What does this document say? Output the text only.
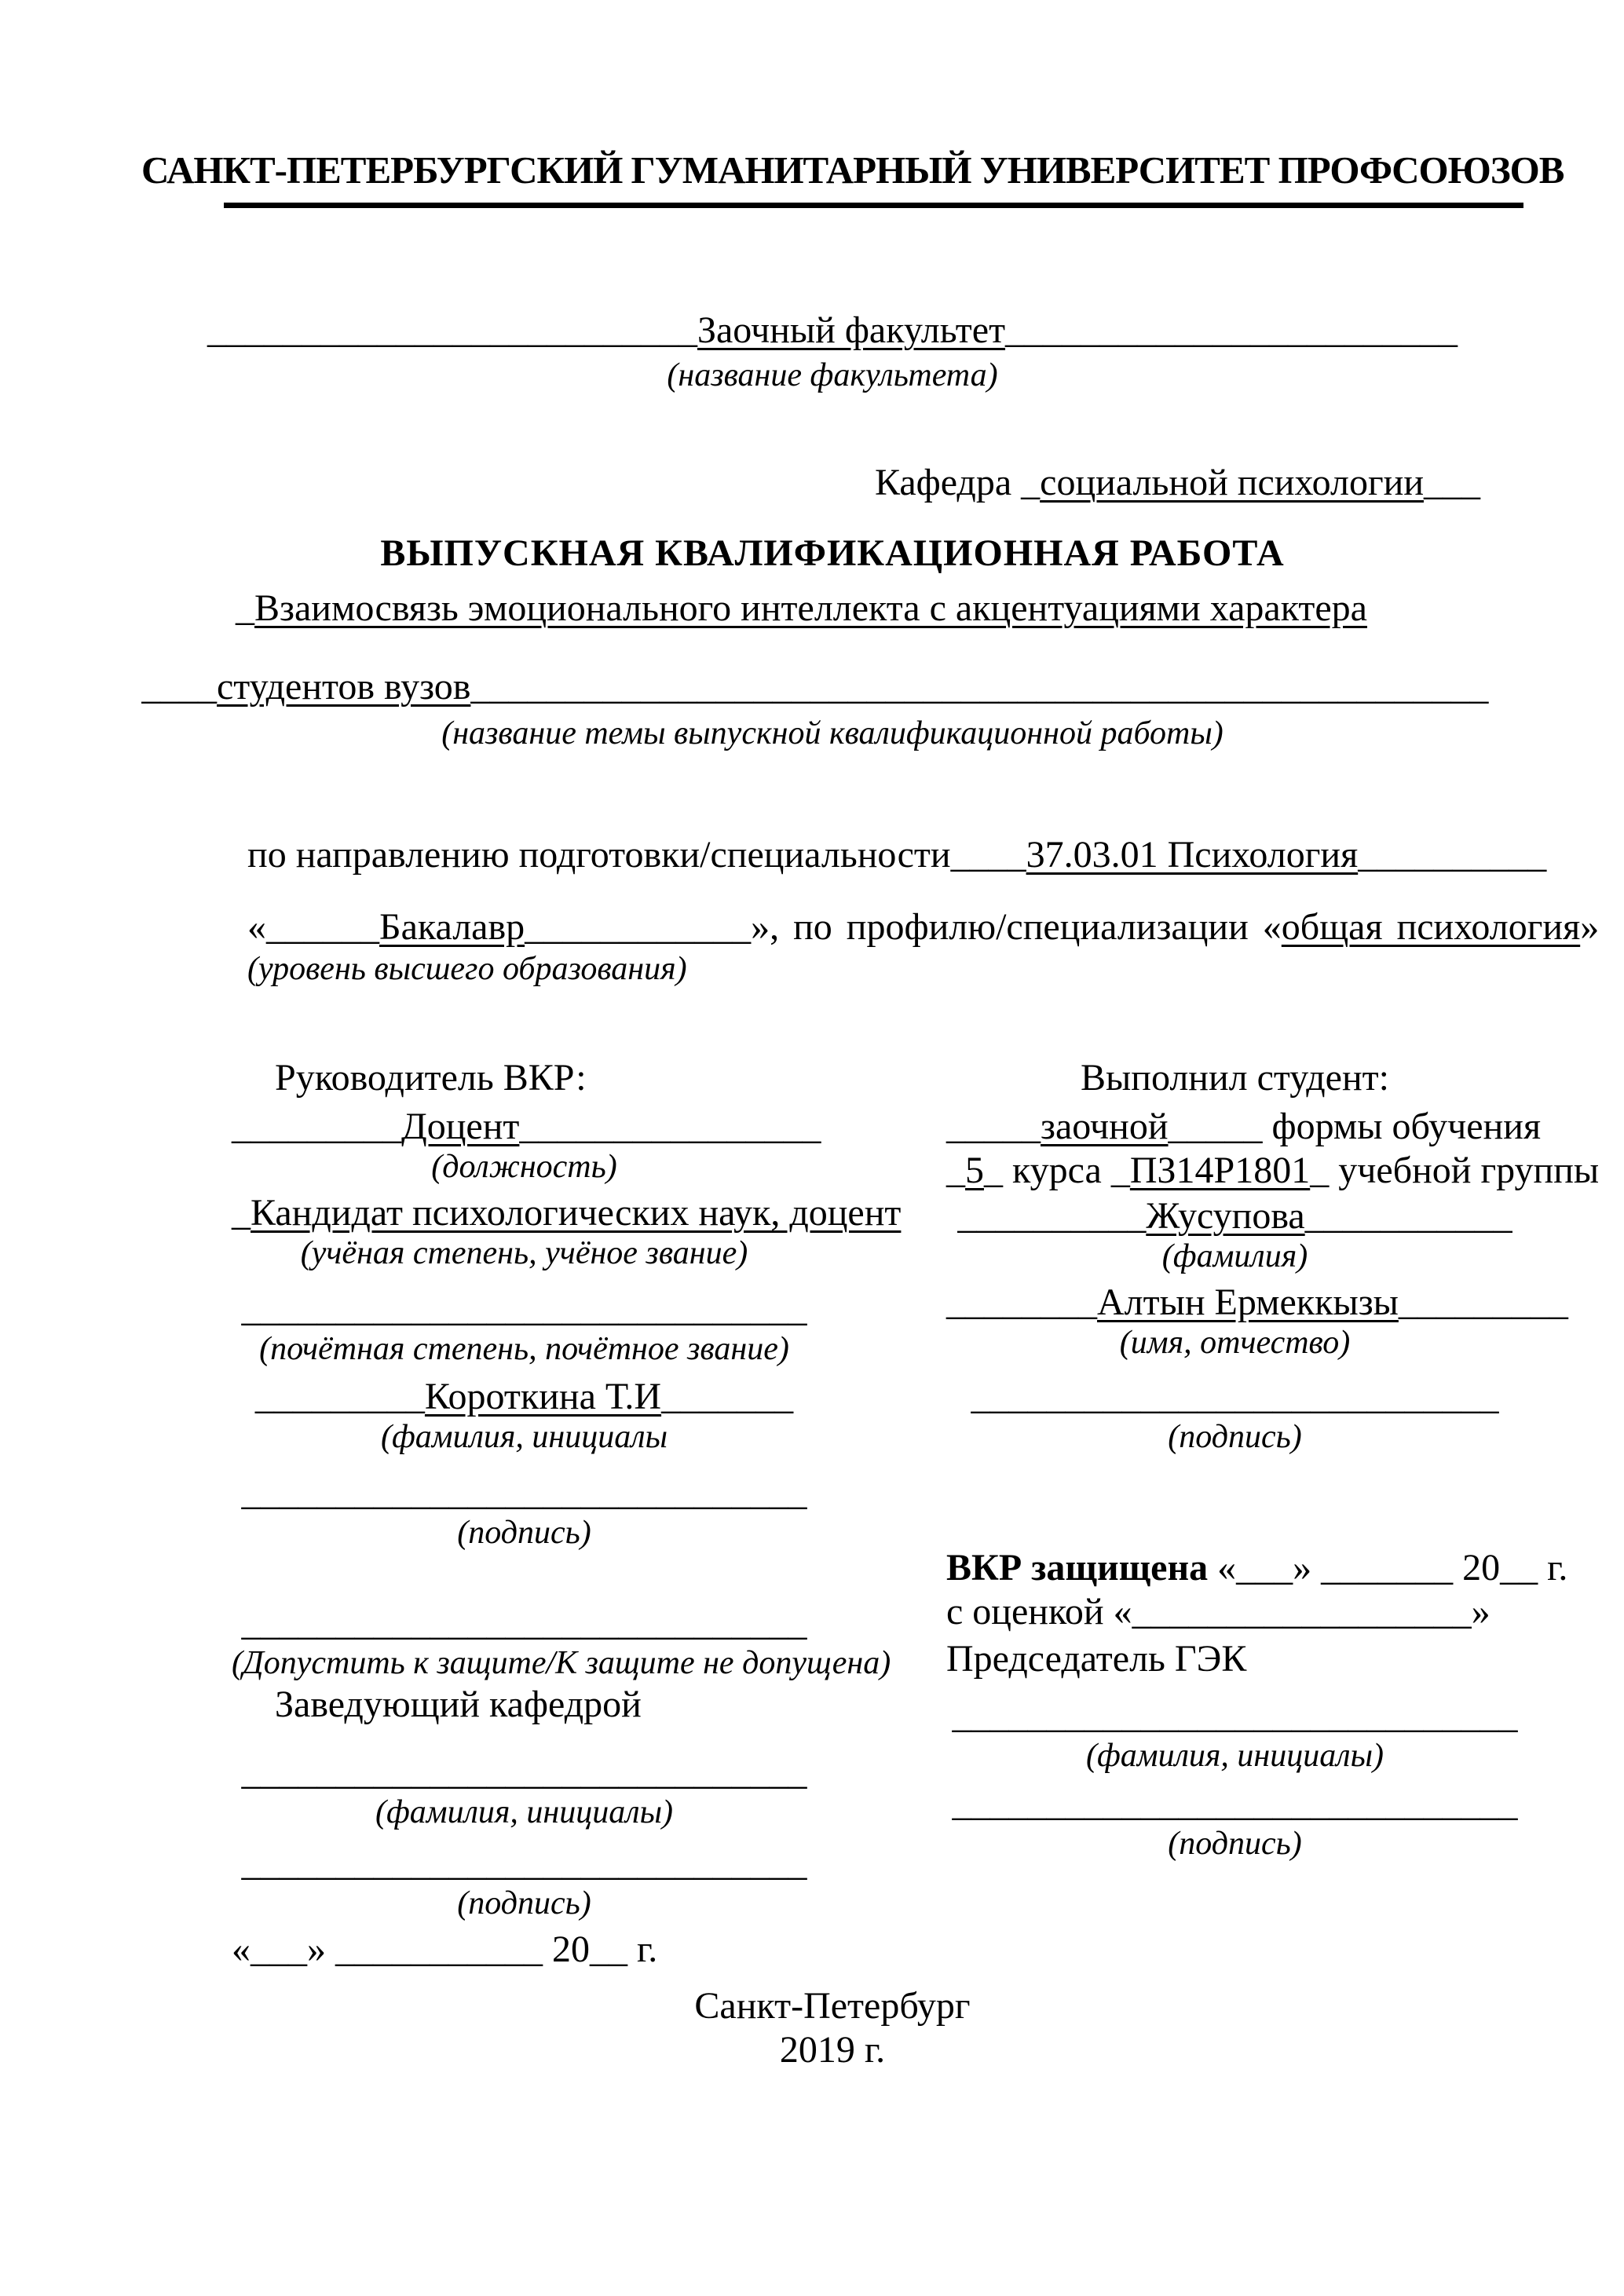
САНКТ-ПЕТЕРБУРГСКИЙ ГУМАНИТАРНЫЙ УНИВЕРСИТЕТ ПРОФСОЮЗОВ
__________________________Заочный факультет________________________
(название факультета)
Кафедра _социальной психологии___
ВЫПУСКНАЯ КВАЛИФИКАЦИОННАЯ РАБОТА
_Взаимосвязь эмоционального интеллекта с акцентуациями характера
____студентов вузов______________________________________________________
(название темы выпускной квалификационной работы)
по направлению подготовки/специальности____37.03.01 Психология__________
«______Бакалавр____________», по профилю/специализации «общая психология»
(уровень высшего образования)
Руководитель ВКР:
_________Доцент________________
(должность)
_Кандидат психологических наук, доцент
(учёная степень, учёное звание)
______________________________
(почётная степень, почётное звание)
_________Короткина Т.И_______
(фамилия, инициалы
______________________________
(подпись)
______________________________
(Допустить к защите/К защите не допущена)
Заведующий кафедрой
______________________________
(фамилия, инициалы)
______________________________
(подпись)
«___» ___________ 20__ г.
Выполнил студент:
_____заочной_____ формы обучения
_5_ курса _ПЗ14Р1801_ учебной группы
__________Жусупова___________
(фамилия)
________Алтын Ермеккызы_________
(имя, отчество)
____________________________
(подпись)
ВКР защищена «___» _______ 20__ г.
с оценкой «__________________»
Председатель ГЭК
______________________________
(фамилия, инициалы)
______________________________
(подпись)
Санкт-Петербург
2019 г.
